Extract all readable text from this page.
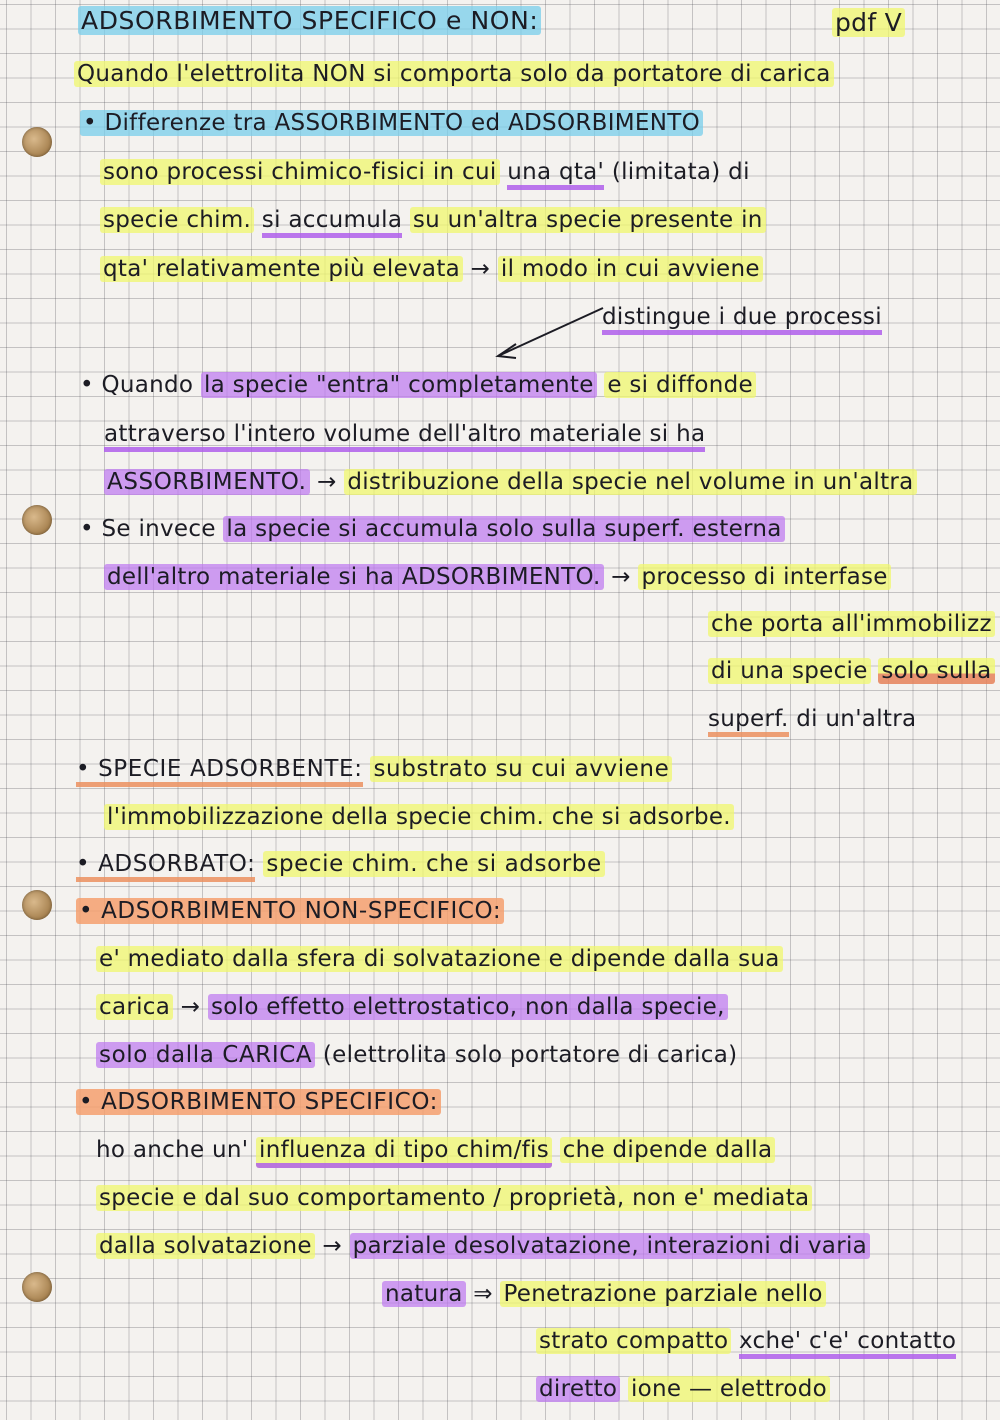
ADSORBIMENTO SPECIFICO e NON:	pdf V
Quando l'elettrolita NON si comporta solo da portatore di carica
• Differenze tra ASSORBIMENTO ed ADSORBIMENTO
sono processi chimico-fisici in cui una qta' (limitata) di
specie chim. si accumula su un'altra specie presente in
qta' relativamente più elevata → il modo in cui avviene
distingue i due processi
• Quando la specie "entra" completamente e si diffonde
attraverso l'intero volume dell'altro materiale si ha
ASSORBIMENTO. → distribuzione della specie nel volume in un'altra
• Se invece la specie si accumula solo sulla superf. esterna
dell'altro materiale si ha ADSORBIMENTO. → processo di interfase
che porta all'immobilizz
di una specie solo sulla
superf. di un'altra
• SPECIE ADSORBENTE: substrato su cui avviene
l'immobilizzazione della specie chim. che si adsorbe.
• ADSORBATO: specie chim. che si adsorbe
• ADSORBIMENTO NON-SPECIFICO:
e' mediato dalla sfera di solvatazione e dipende dalla sua
carica → solo effetto elettrostatico, non dalla specie,
solo dalla CARICA (elettrolita solo portatore di carica)
• ADSORBIMENTO SPECIFICO:
ho anche un' influenza di tipo chim/fis che dipende dalla
specie e dal suo comportamento / proprietà, non e' mediata
dalla solvatazione → parziale desolvatazione, interazioni di varia
natura ⇒ Penetrazione parziale nello
strato compatto xche' c'e' contatto
diretto ione — elettrodo
